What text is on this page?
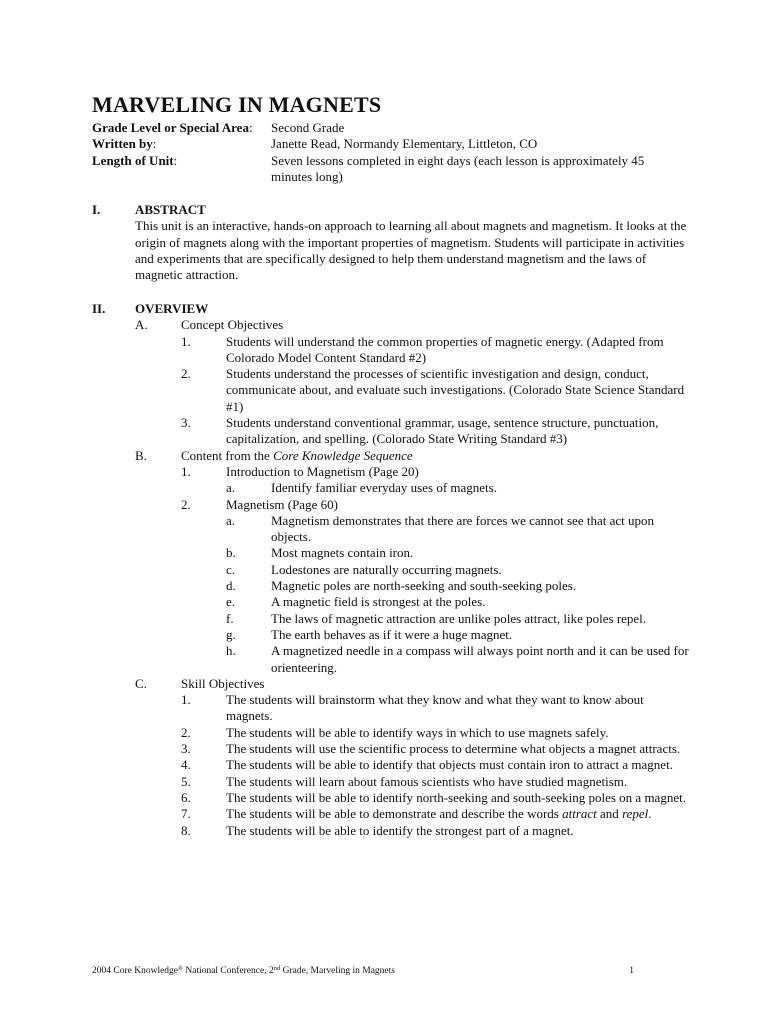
MARVELING IN MAGNETS
Grade Level or Special Area:	Second Grade
Written by:	Janette Read, Normandy Elementary, Littleton, CO
Length of Unit:	Seven lessons completed in eight days (each lesson is approximately 45 minutes long)
I.	ABSTRACT
This unit is an interactive, hands-on approach to learning all about magnets and magnetism. It looks at the origin of magnets along with the important properties of magnetism. Students will participate in activities and experiments that are specifically designed to help them understand magnetism and the laws of magnetic attraction.
II.	OVERVIEW
A.	Concept Objectives
1.	Students will understand the common properties of magnetic energy. (Adapted from Colorado Model Content Standard #2)
2.	Students understand the processes of scientific investigation and design, conduct, communicate about, and evaluate such investigations. (Colorado State Science Standard #1)
3.	Students understand conventional grammar, usage, sentence structure, punctuation, capitalization, and spelling. (Colorado State Writing Standard #3)
B.	Content from the Core Knowledge Sequence
1.	Introduction to Magnetism (Page 20)
a.	Identify familiar everyday uses of magnets.
2.	Magnetism (Page 60)
a.	Magnetism demonstrates that there are forces we cannot see that act upon objects.
b.	Most magnets contain iron.
c.	Lodestones are naturally occurring magnets.
d.	Magnetic poles are north-seeking and south-seeking poles.
e.	A magnetic field is strongest at the poles.
f.	The laws of magnetic attraction are unlike poles attract, like poles repel.
g.	The earth behaves as if it were a huge magnet.
h.	A magnetized needle in a compass will always point north and it can be used for orienteering.
C.	Skill Objectives
1.	The students will brainstorm what they know and what they want to know about magnets.
2.	The students will be able to identify ways in which to use magnets safely.
3.	The students will use the scientific process to determine what objects a magnet attracts.
4.	The students will be able to identify that objects must contain iron to attract a magnet.
5.	The students will learn about famous scientists who have studied magnetism.
6.	The students will be able to identify north-seeking and south-seeking poles on a magnet.
7.	The students will be able to demonstrate and describe the words attract and repel.
8.	The students will be able to identify the strongest part of a magnet.
2004 Core Knowledge® National Conference, 2nd Grade, Marveling in Magnets	1
